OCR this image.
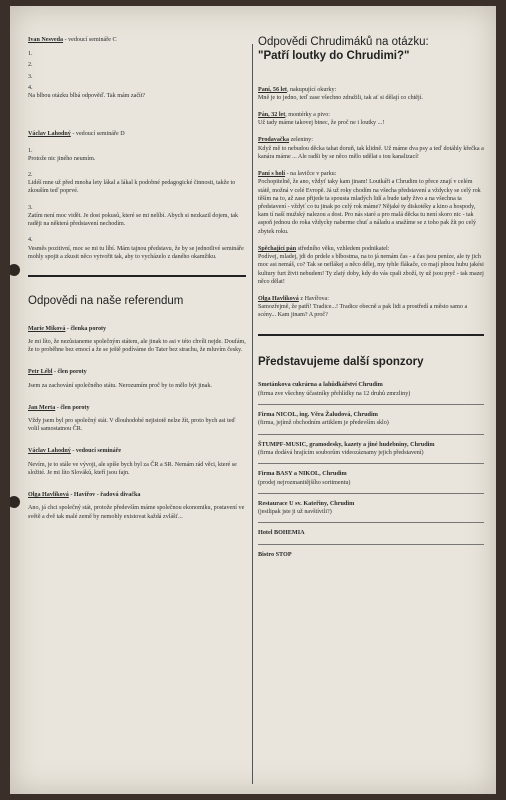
Ivan Nesveda - vedoucí semináře C

1.

2.

3.

4.

Na blbou otázku blbá odpověď. Tak mám začít?

Václav Lahodný - vedoucí semináře D

1.

Protože nic jiného neumím.

2.

Lidéš mne už před mnoha lety lákal a lákal k podobné pedagogické činnosti, takže to zkouším teď poprvé.

3.

Zatím není moc vidět. Je dost pokusů, které se mi nelíbí. Abych si nezkazil dojem, tak raději na některá představení nechodím.

4.

Vesměs pozitivní, moc se mi tu líbí. Mám tajnou představu, že by se jednotlivé semináře mohly spojit a zkusit něco vytvořit tak, aby to vycházelo z daného okamžiku.

Odpovědi na naše referendum

Marie Miková - členka poroty

Je mi líto, že nezůstaneme společným státem, ale jinak to asi v této chvíli nejde. Doufám, že to proběhne bez emocí a že se ještě podíváme do Tater bez strachu, že mluvím česky.

Petr Lébl - člen poroty

Jsem za zachování společného státu. Nerozumím proč by to mělo být jinak.

Jan Merta - člen poroty

Vždy jsem byl pro společný stát. V dlouhodobé nejistotě nelze žít, proto bych asi teď volil samostatnou ČR.

Václav Lahodný - vedoucí semináře

Nevím, je to stále ve vývoji, ale spíše bych byl za ČR a SR. Nemám rád věci, které se složité. Je mi líto Slováků, kteří jsou fajn.

Olga Havlíková - Havířov - řadová divačka

Ano, já chci společný stát, protože především máme společnou ekonomiku, postavení ve světě a dvě tak malé země by nemohly existovat každá zvlášť...

Odpovědi Chrudimáků na otázku:
"Patří loutky do Chrudimi?"

Paní, 56 let, nakupující okurky:

Mně je to jedno, teď zase všechno zdražili, tak ať si dělají co chtějí.

Pán, 32 let, montérky a pivo:

Už tady máme takovej binec, že proč ne i loutky ...!

Prodavačka zeleniny:

Když mě to nebudou děcka tahat doruň, tak klidně. Už máme dva psy a teď dotáhly křečka a kanára máme ... Ale radši by se něco mělo udělat s tou kanalizací!

Paní s holí - na lavičce v parku:

Pochopitelně, že ano, vždyť taky kam jinam! Loutkáři a Chrudim to přece znají v celém státě, možná v celé Evropě. Já už roky chodím na všecha představení a vždycky se celý rok těším na to, až zase přijede ta spousta mladých lidí a bude tady živo a na všechna ta představení - vždyť co tu jinak po celý rok máme? Nějaké ty diskotéky a kino a hospody, kam tí naší mužský nalezou a dost. Pro nás staré a pro malá děcka tu není skoro nic - tak aspoň jednou do roka vždycky naberme chuť a náladu a snažíme se z toho pak žít po celý zbytek roku.

Spěchající pán středního věku, vzhledem podnikatel:

Podívej, mladej, jdi do prdele s blbostma, na to já nemám čas - a čas jsou peníze, ale ty jich moc asi nemáš, co? Tak se neflákej a něco dělej, my tyhle flákače, co mají plnou hubu jakési kultury furt živit nebudem! Ty zlatý doby, kdy do vás cpali zboží, ty už jsou pryč - tak mazej něco dělat!

Olga Havlíková z Havířova:

Samozřejmě, že patří! Tradice...! Tradice obecně a pak lidi a prostředí a město samo a scény... Kam jinam? A proč?

Představujeme další sponzory

Smetánkova cukrárna a lahůdkářství Chrudim

(firma zve všechny účastníky přehlídky na 12 druhů zmrzliny)

Firma NICOL, ing. Věra Žaludová, Chrudim

(firma, jejímž obchodním artiklem je především sklo)

ŠTUMPF-MUSIC, gramodesky, kazety a jiné hudebniny, Chrudim

(firma dodává hrajícím souborům videozáznamy jejich představení)

Firma BASY a NIKOL, Chrudim

(prodej nejrozmanitějšího sortimentu)

Restaurace U sv. Kateřiny, Chrudim

(jestlipak jste ji už navštívili?)

Hotel BOHEMIA

Bistro STOP
